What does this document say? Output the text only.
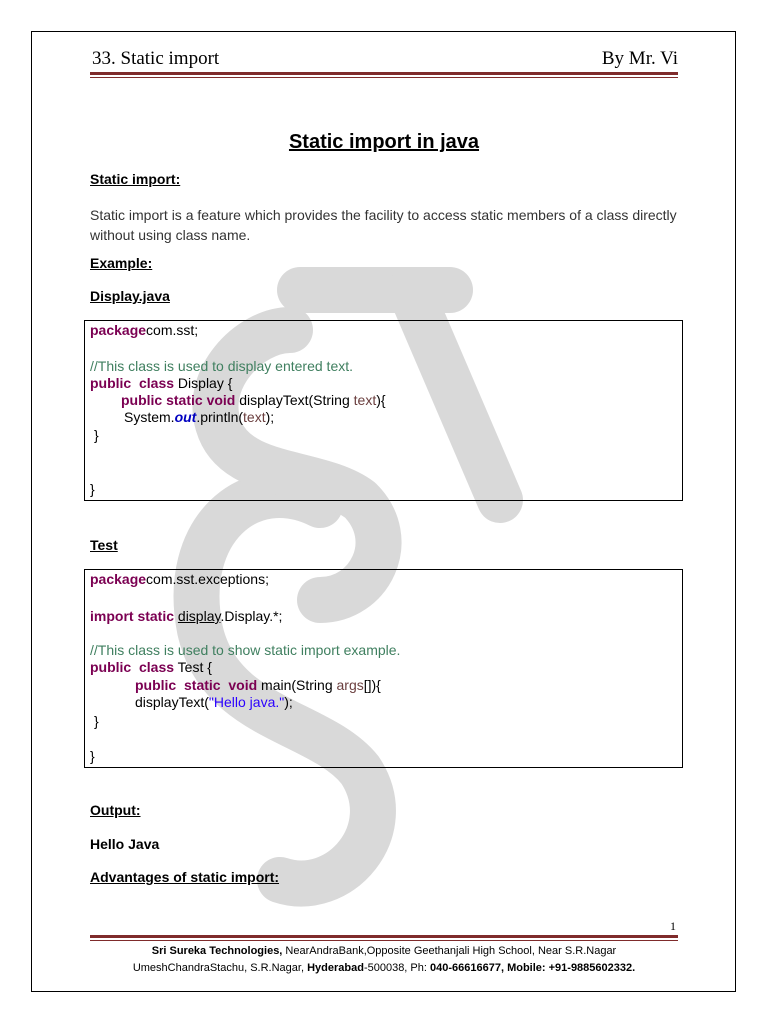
33. Static import	By Mr. Vi
Static import in java
Static import:
Static import is a feature which provides the facility to access static members of a class directly without using class name.
Example:
Display.java
packagecom.sst;
//This class is used to display entered text.
public  class Display {
public static void displayText(String text){
System.out.println(text);
}
}
Test
packagecom.sst.exceptions;
import static display.Display.*;
//This class is used to show static import example.
public  class Test {
public  static  void main(String args[]){
displayText("Hello java.");
}
}
Output:
Hello Java
Advantages of static import:
1
Sri Sureka Technologies, NearAndraBank,Opposite Geethanjali High School, Near S.R.Nagar
UmeshChandraStachu, S.R.Nagar, Hyderabad-500038, Ph: 040-66616677, Mobile: +91-9885602332.
